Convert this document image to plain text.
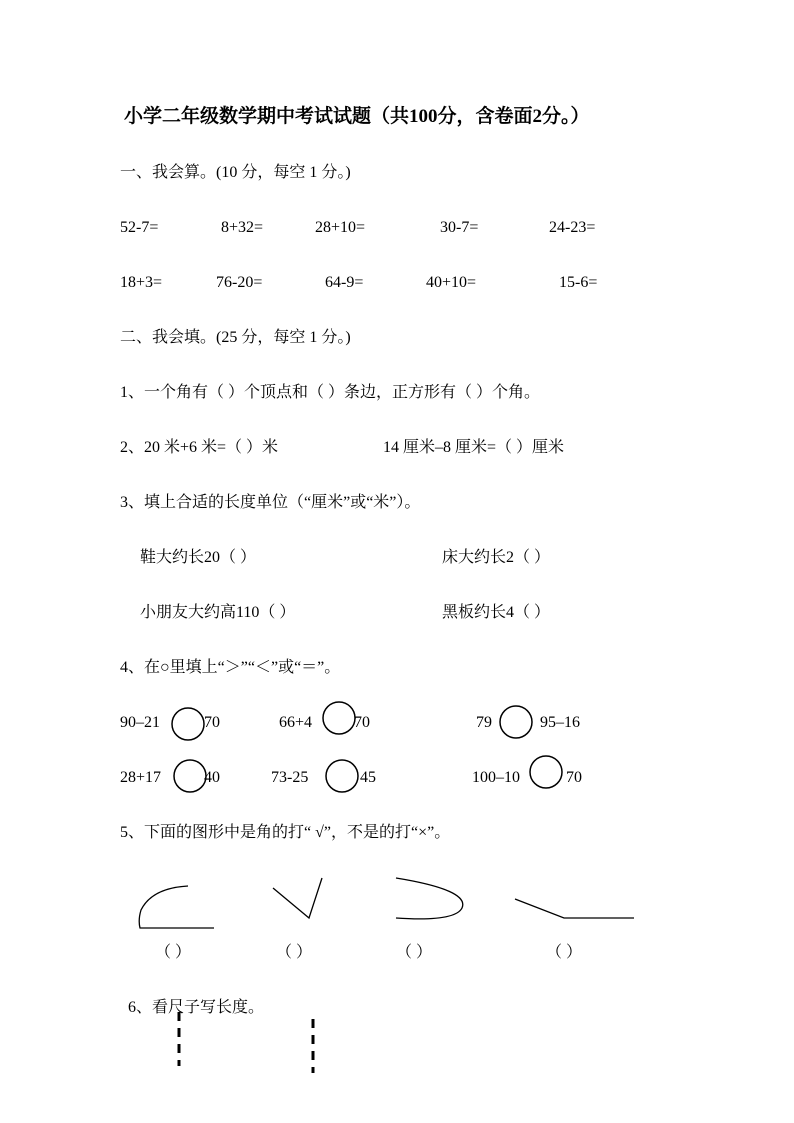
小学二年级数学期中考试试题（共100分，含卷面2分。）
一、我会算。(10 分，每空 1 分。)
52-7=	8+32=	28+10=	30-7=	24-23=
18+3=	76-20=	64-9=	40+10=	15-6=
二、我会填。(25 分，每空 1 分。)
1、一个角有（ ）个顶点和（ ）条边，正方形有（ ）个角。
2、20 米+6 米=（ ）米	14 厘米–8 厘米=（ ）厘米
3、填上合适的长度单位（“厘米”或“米”）。
鞋大约长20（ ）	床大约长2（ ）
小朋友大约高110（ ）	黑板约长4（ ）
4、在○里填上“＞”“＜”或“＝”。
90–21	70	66+4	70	79	95–16
28+17	40	73-25	45	100–10	70
5、下面的图形中是角的打“ √”，不是的打“×”。
（ ）	（ ）	（ ）	（ ）
6、看尺子写长度。
